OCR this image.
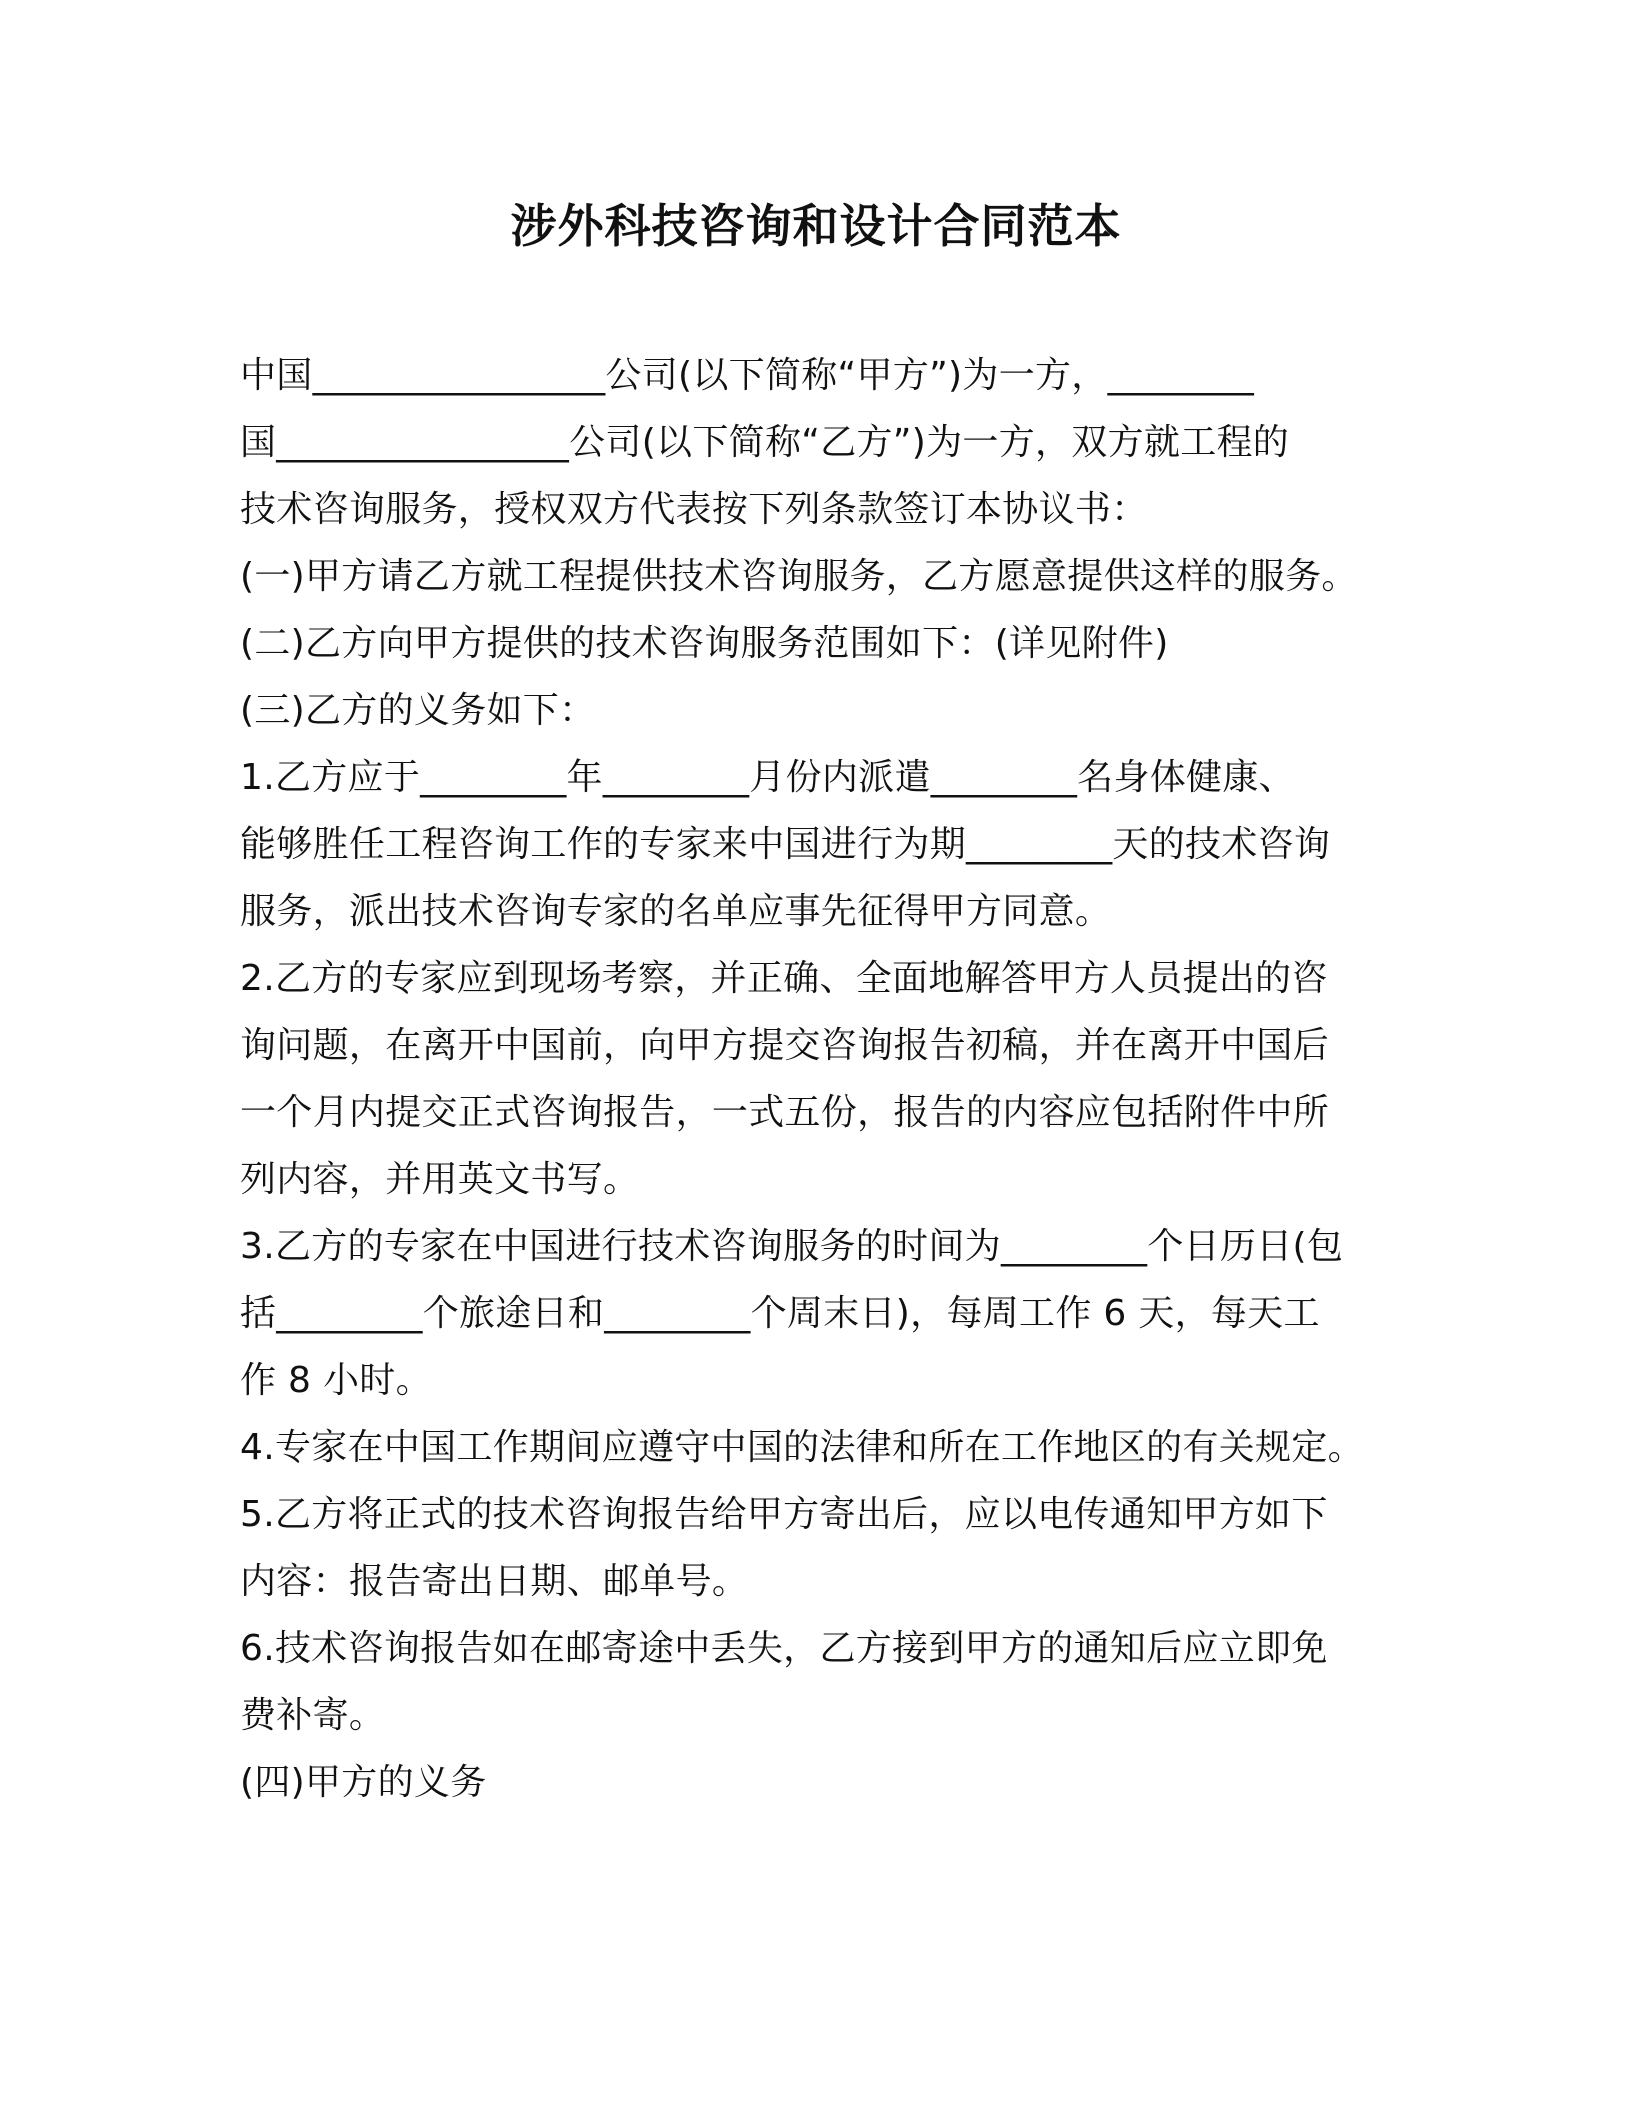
涉外科技咨询和设计合同范本
中国________________公司(以下简称“甲方”)为一方，________
国________________公司(以下简称“乙方”)为一方，双方就工程的
技术咨询服务，授权双方代表按下列条款签订本协议书：
(一)甲方请乙方就工程提供技术咨询服务，乙方愿意提供这样的服务。
(二)乙方向甲方提供的技术咨询服务范围如下：(详见附件)
(三)乙方的义务如下：
1.乙方应于________年________月份内派遣________名身体健康、
能够胜任工程咨询工作的专家来中国进行为期________天的技术咨询
服务，派出技术咨询专家的名单应事先征得甲方同意。
2.乙方的专家应到现场考察，并正确、全面地解答甲方人员提出的咨
询问题，在离开中国前，向甲方提交咨询报告初稿，并在离开中国后
一个月内提交正式咨询报告，一式五份，报告的内容应包括附件中所
列内容，并用英文书写。
3.乙方的专家在中国进行技术咨询服务的时间为________个日历日(包
括________个旅途日和________个周末日)，每周工作 6 天，每天工
作 8 小时。
4.专家在中国工作期间应遵守中国的法律和所在工作地区的有关规定。
5.乙方将正式的技术咨询报告给甲方寄出后，应以电传通知甲方如下
内容：报告寄出日期、邮单号。
6.技术咨询报告如在邮寄途中丢失，乙方接到甲方的通知后应立即免
费补寄。
(四)甲方的义务
